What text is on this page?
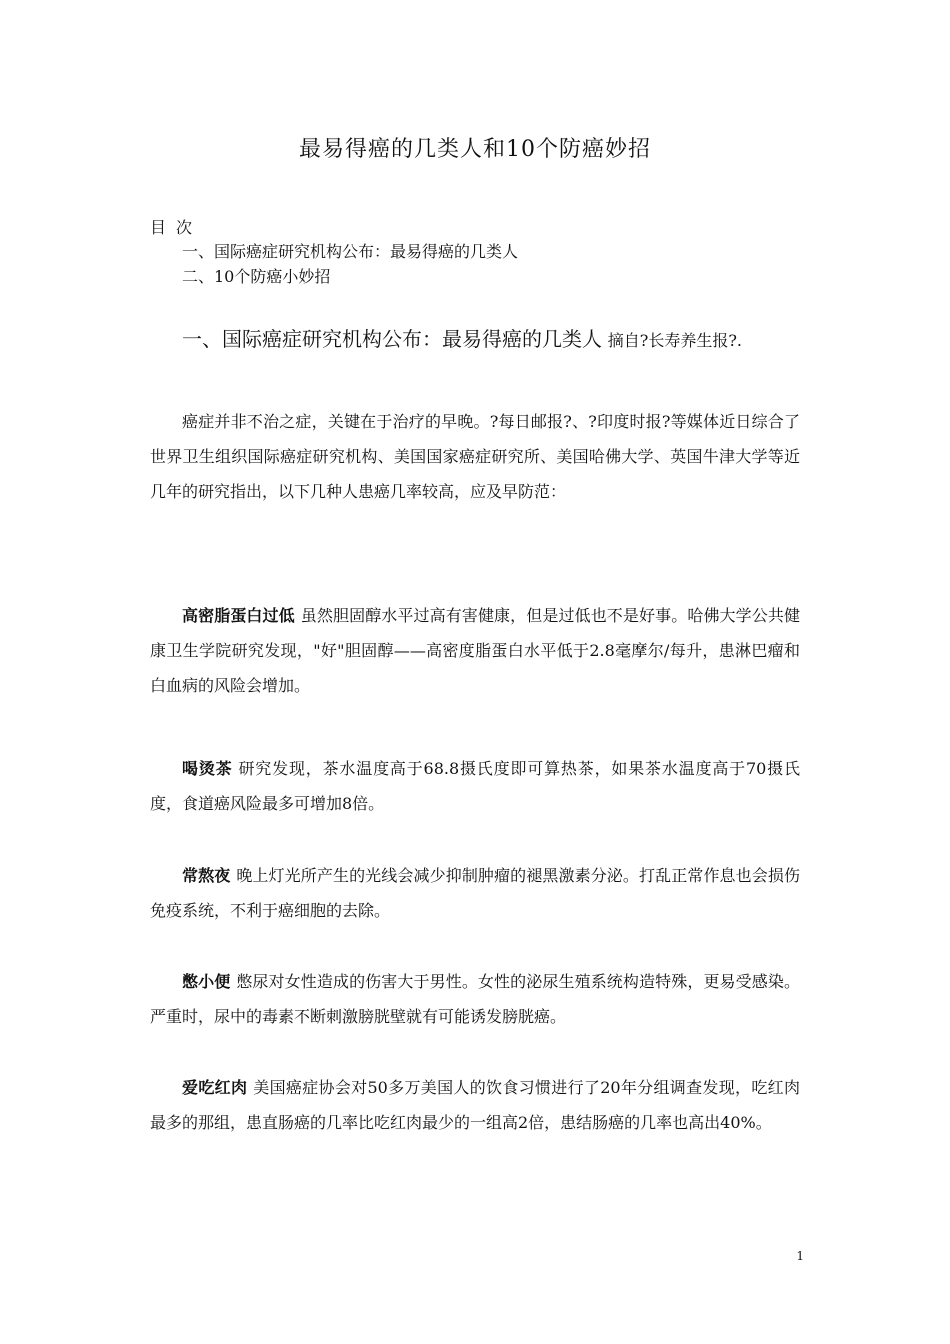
最易得癌的几类人和10个防癌妙招
目次
一、国际癌症研究机构公布：最易得癌的几类人
二、10个防癌小妙招
一、国际癌症研究机构公布：最易得癌的几类人 摘自?长寿养生报?.
癌症并非不治之症，关键在于治疗的早晚。?每日邮报?、?印度时报?等媒体近日综合了世界卫生组织国际癌症研究机构、美国国家癌症研究所、美国哈佛大学、英国牛津大学等近几年的研究指出，以下几种人患癌几率较高，应及早防范：
高密脂蛋白过低 虽然胆固醇水平过高有害健康，但是过低也不是好事。哈佛大学公共健康卫生学院研究发现，"好"胆固醇——高密度脂蛋白水平低于2.8毫摩尔/每升，患淋巴瘤和白血病的风险会增加。
喝烫茶 研究发现，茶水温度高于68.8摄氏度即可算热茶，如果茶水温度高于70摄氏度，食道癌风险最多可增加8倍。
常熬夜 晚上灯光所产生的光线会减少抑制肿瘤的褪黑激素分泌。打乱正常作息也会损伤免疫系统，不利于癌细胞的去除。
憋小便 憋尿对女性造成的伤害大于男性。女性的泌尿生殖系统构造特殊，更易受感染。严重时，尿中的毒素不断刺激膀胱壁就有可能诱发膀胱癌。
爱吃红肉 美国癌症协会对50多万美国人的饮食习惯进行了20年分组调查发现，吃红肉最多的那组，患直肠癌的几率比吃红肉最少的一组高2倍，患结肠癌的几率也高出40%。
1
